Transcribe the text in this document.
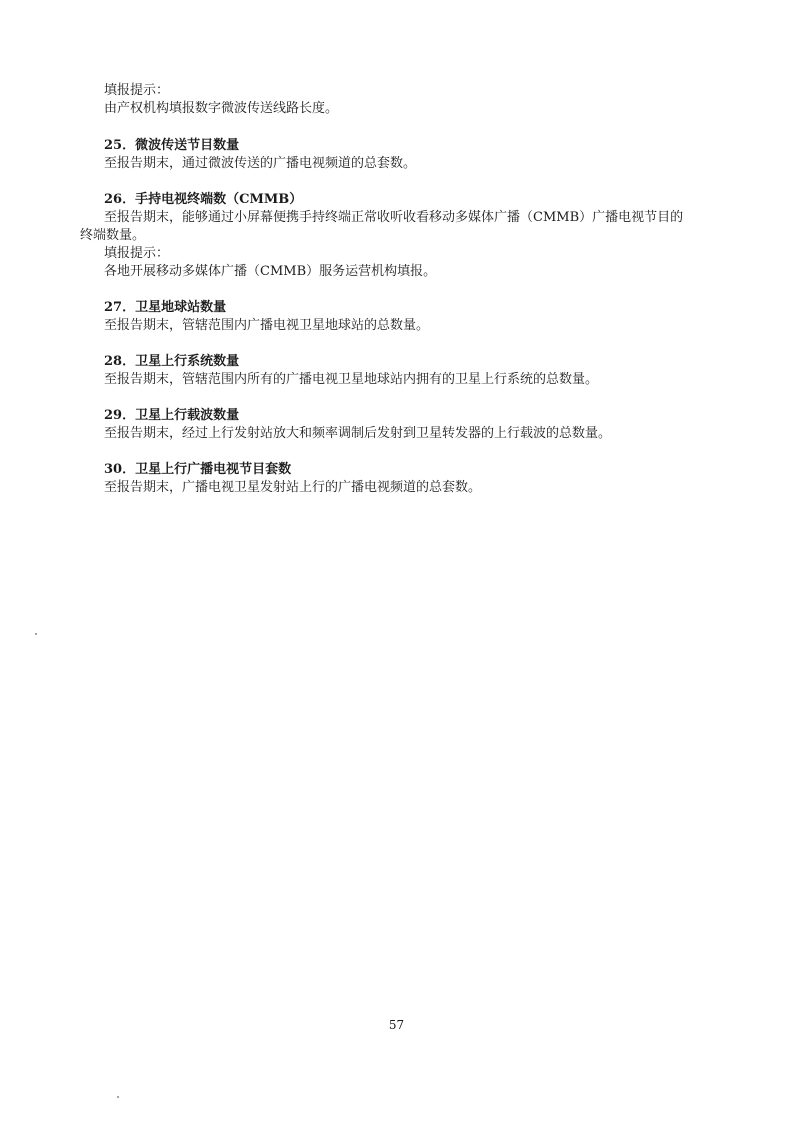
填报提示：

由产权机构填报数字微波传送线路长度。

25．微波传送节目数量

至报告期末，通过微波传送的广播电视频道的总套数。

26．手持电视终端数（CMMB）

至报告期末，能够通过小屏幕便携手持终端正常收听收看移动多媒体广播（CMMB）广播电视节目的

终端数量。

填报提示：

各地开展移动多媒体广播（CMMB）服务运营机构填报。

27．卫星地球站数量

至报告期末，管辖范围内广播电视卫星地球站的总数量。

28．卫星上行系统数量

至报告期末，管辖范围内所有的广播电视卫星地球站内拥有的卫星上行系统的总数量。

29．卫星上行载波数量

至报告期末，经过上行发射站放大和频率调制后发射到卫星转发器的上行载波的总数量。

30．卫星上行广播电视节目套数

至报告期末，广播电视卫星发射站上行的广播电视频道的总套数。

57
